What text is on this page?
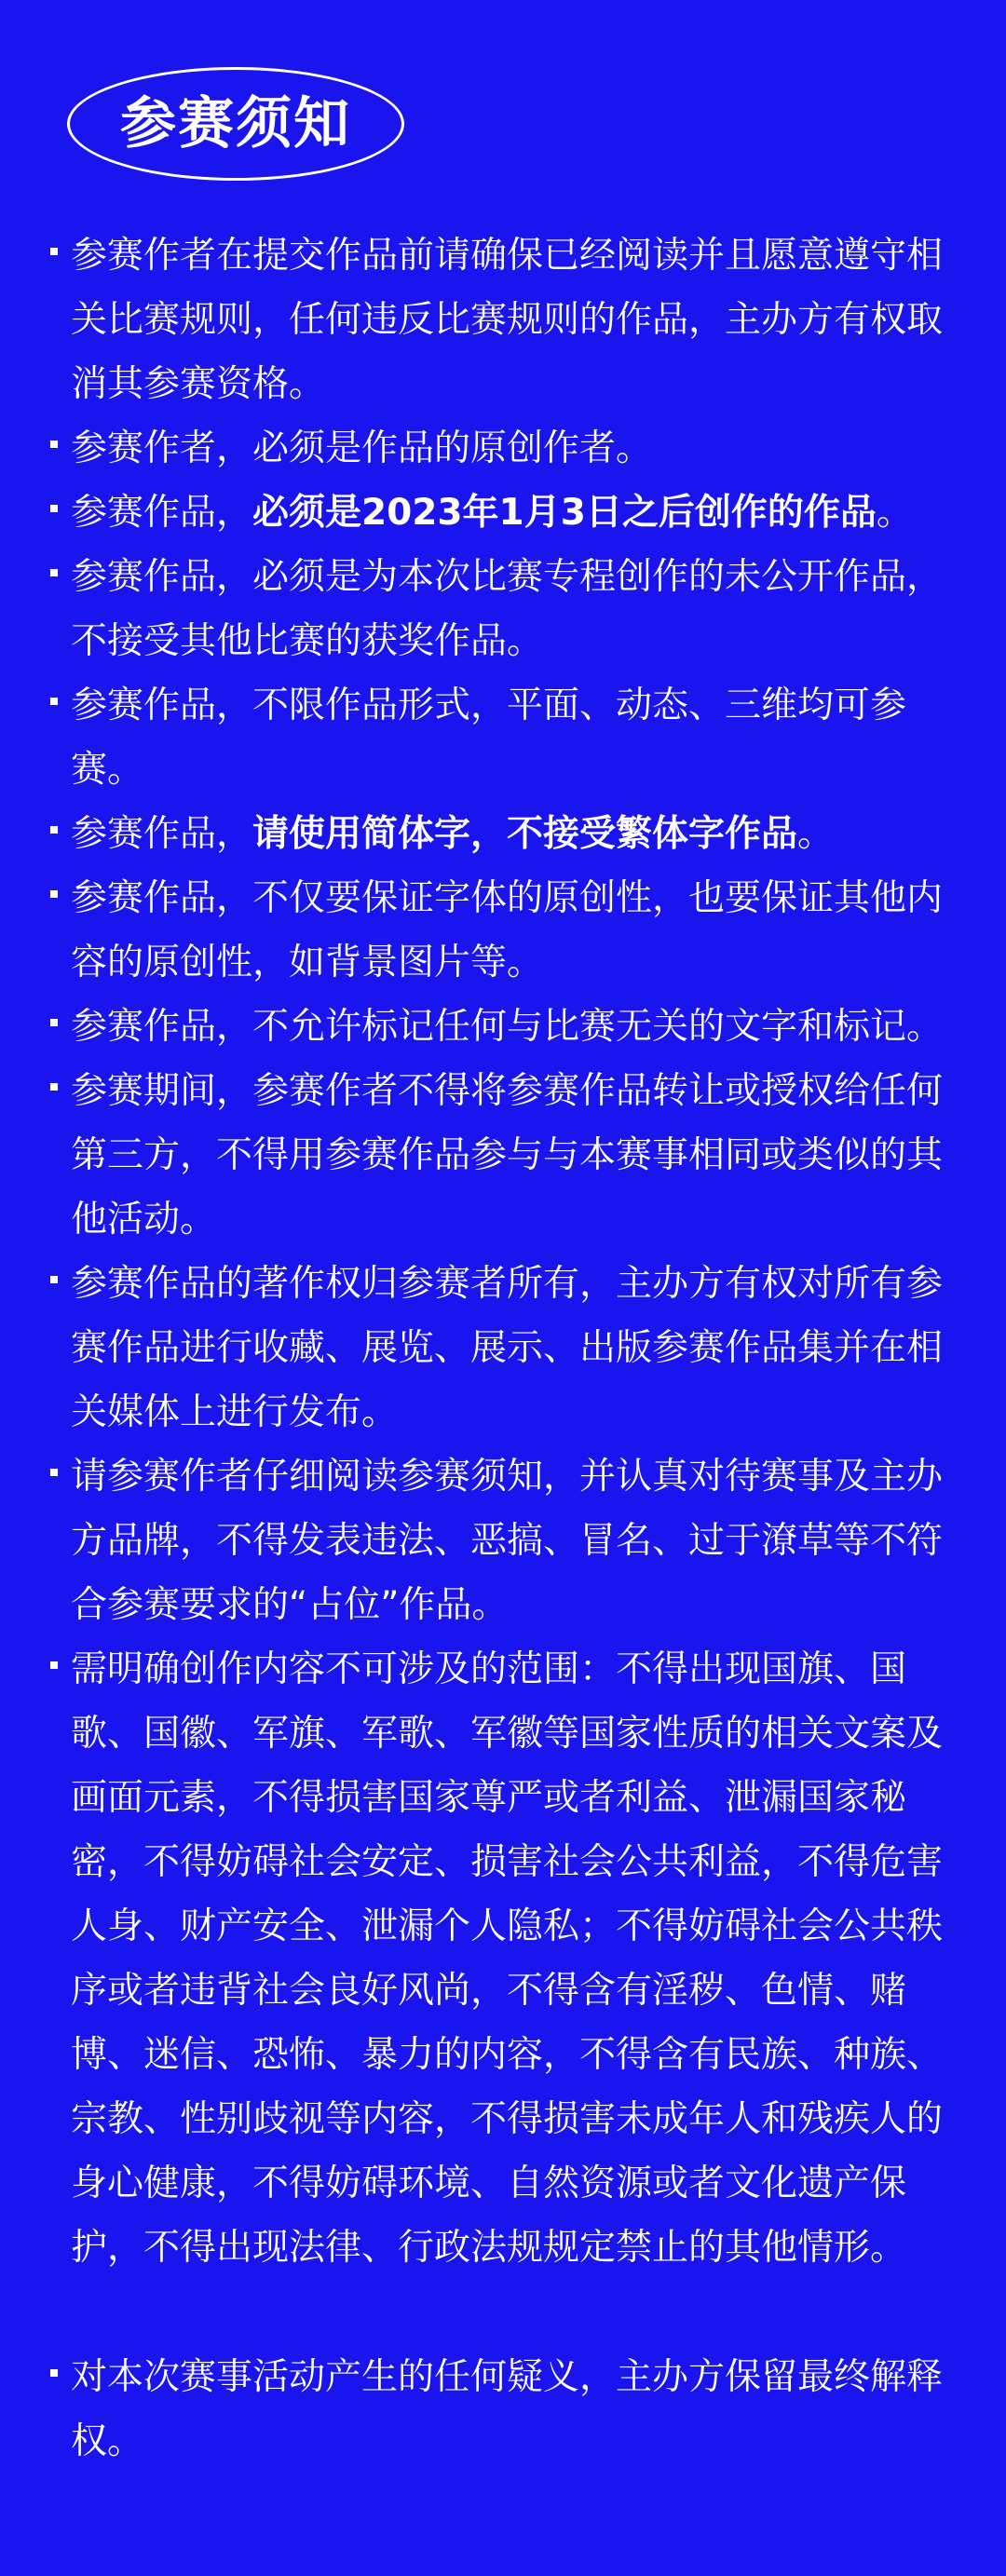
参赛须知
参赛作者在提交作品前请确保已经阅读并且愿意遵守相关比赛规则，任何违反比赛规则的作品，主办方有权取消其参赛资格。
参赛作者，必须是作品的原创作者。
参赛作品，必须是2023年1月3日之后创作的作品。
参赛作品，必须是为本次比赛专程创作的未公开作品，不接受其他比赛的获奖作品。
参赛作品，不限作品形式，平面、动态、三维均可参赛。
参赛作品，请使用简体字，不接受繁体字作品。
参赛作品，不仅要保证字体的原创性，也要保证其他内容的原创性，如背景图片等。
参赛作品，不允许标记任何与比赛无关的文字和标记。
参赛期间，参赛作者不得将参赛作品转让或授权给任何第三方，不得用参赛作品参与与本赛事相同或类似的其他活动。
参赛作品的著作权归参赛者所有，主办方有权对所有参赛作品进行收藏、展览、展示、出版参赛作品集并在相关媒体上进行发布。
请参赛作者仔细阅读参赛须知，并认真对待赛事及主办方品牌，不得发表违法、恶搞、冒名、过于潦草等不符合参赛要求的“占位”作品。
需明确创作内容不可涉及的范围：不得出现国旗、国歌、国徽、军旗、军歌、军徽等国家性质的相关文案及画面元素，不得损害国家尊严或者利益、泄漏国家秘密，不得妨碍社会安定、损害社会公共利益，不得危害人身、财产安全、泄漏个人隐私；不得妨碍社会公共秩序或者违背社会良好风尚，不得含有淫秽、色情、赌博、迷信、恐怖、暴力的内容，不得含有民族、种族、宗教、性别歧视等内容，不得损害未成年人和残疾人的身心健康，不得妨碍环境、自然资源或者文化遗产保护，不得出现法律、行政法规规定禁止的其他情形。
对本次赛事活动产生的任何疑义，主办方保留最终解释权。
